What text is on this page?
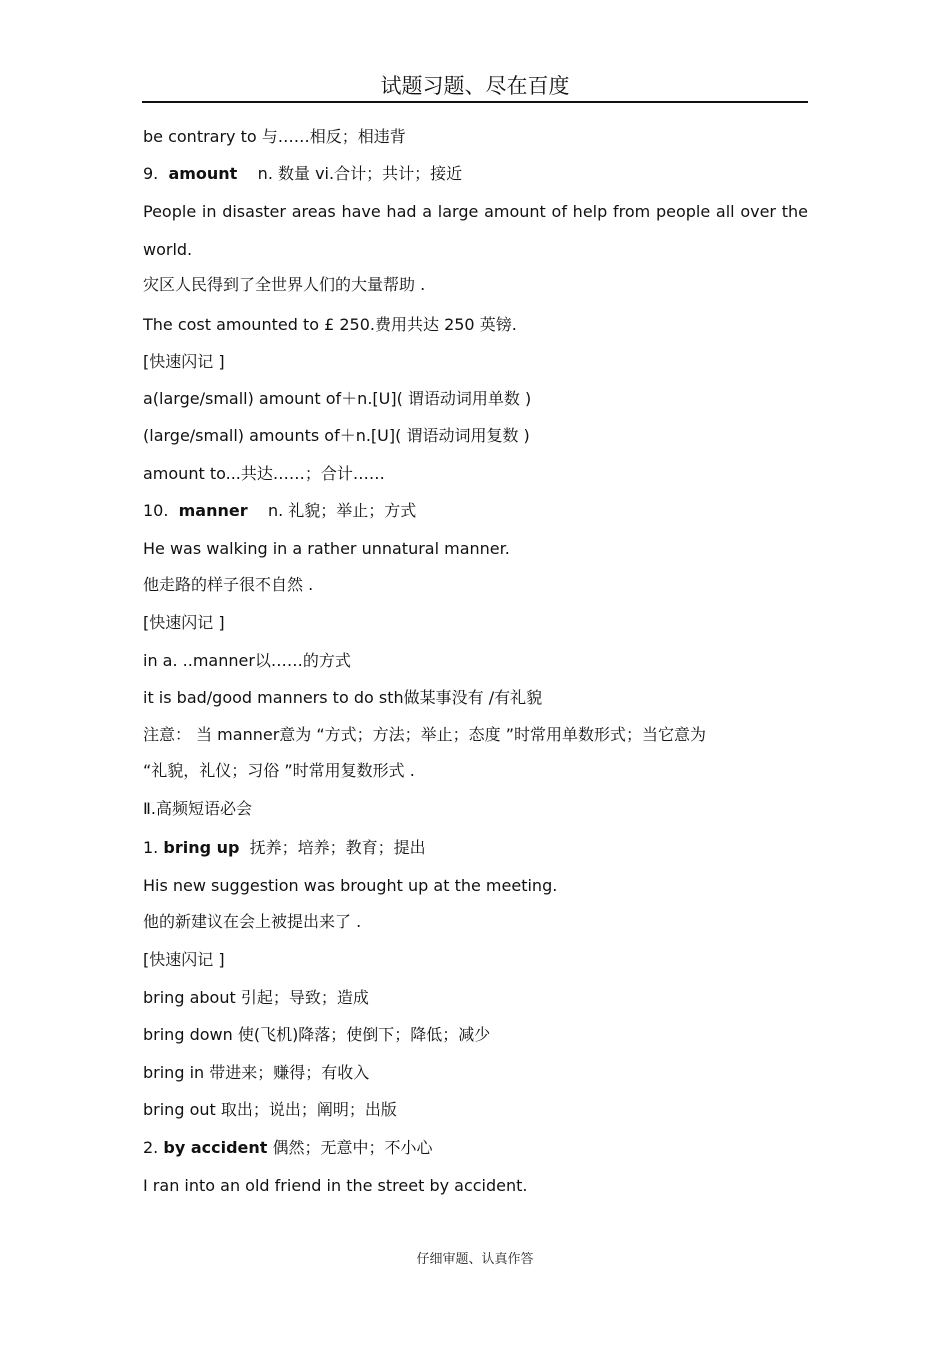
试题习题、尽在百度
be contrary to 与……相反；相违背
9. amount n. 数量 vi.合计；共计；接近
People in disaster areas have had a large amount of help from people all over the
world.
灾区人民得到了全世界人们的大量帮助 .
The cost amounted to £ 250.费用共达 250 英镑.
[快速闪记 ]
a(large/small) amount of＋n.[U]( 谓语动词用单数 )
(large/small) amounts of＋n.[U]( 谓语动词用复数 )
amount to...共达……；合计……
10. manner n. 礼貌；举止；方式
He was walking in a rather unnatural manner.
他走路的样子很不自然 .
[快速闪记 ]
in a. ..manner以……的方式
it is bad/good manners to do sth做某事没有 /有礼貌
注意： 当 manner意为 “方式；方法；举止；态度 ”时常用单数形式；当它意为
“礼貌，礼仪；习俗 ”时常用复数形式 .
Ⅱ.高频短语必会
1. bring up 抚养；培养；教育；提出
His new suggestion was brought up at the meeting.
他的新建议在会上被提出来了 .
[快速闪记 ]
bring about 引起；导致；造成
bring down 使(飞机)降落；使倒下；降低；减少
bring in 带进来；赚得；有收入
bring out 取出；说出；阐明；出版
2. by accident 偶然；无意中；不小心
I ran into an old friend in the street by accident.
仔细审题、认真作答
